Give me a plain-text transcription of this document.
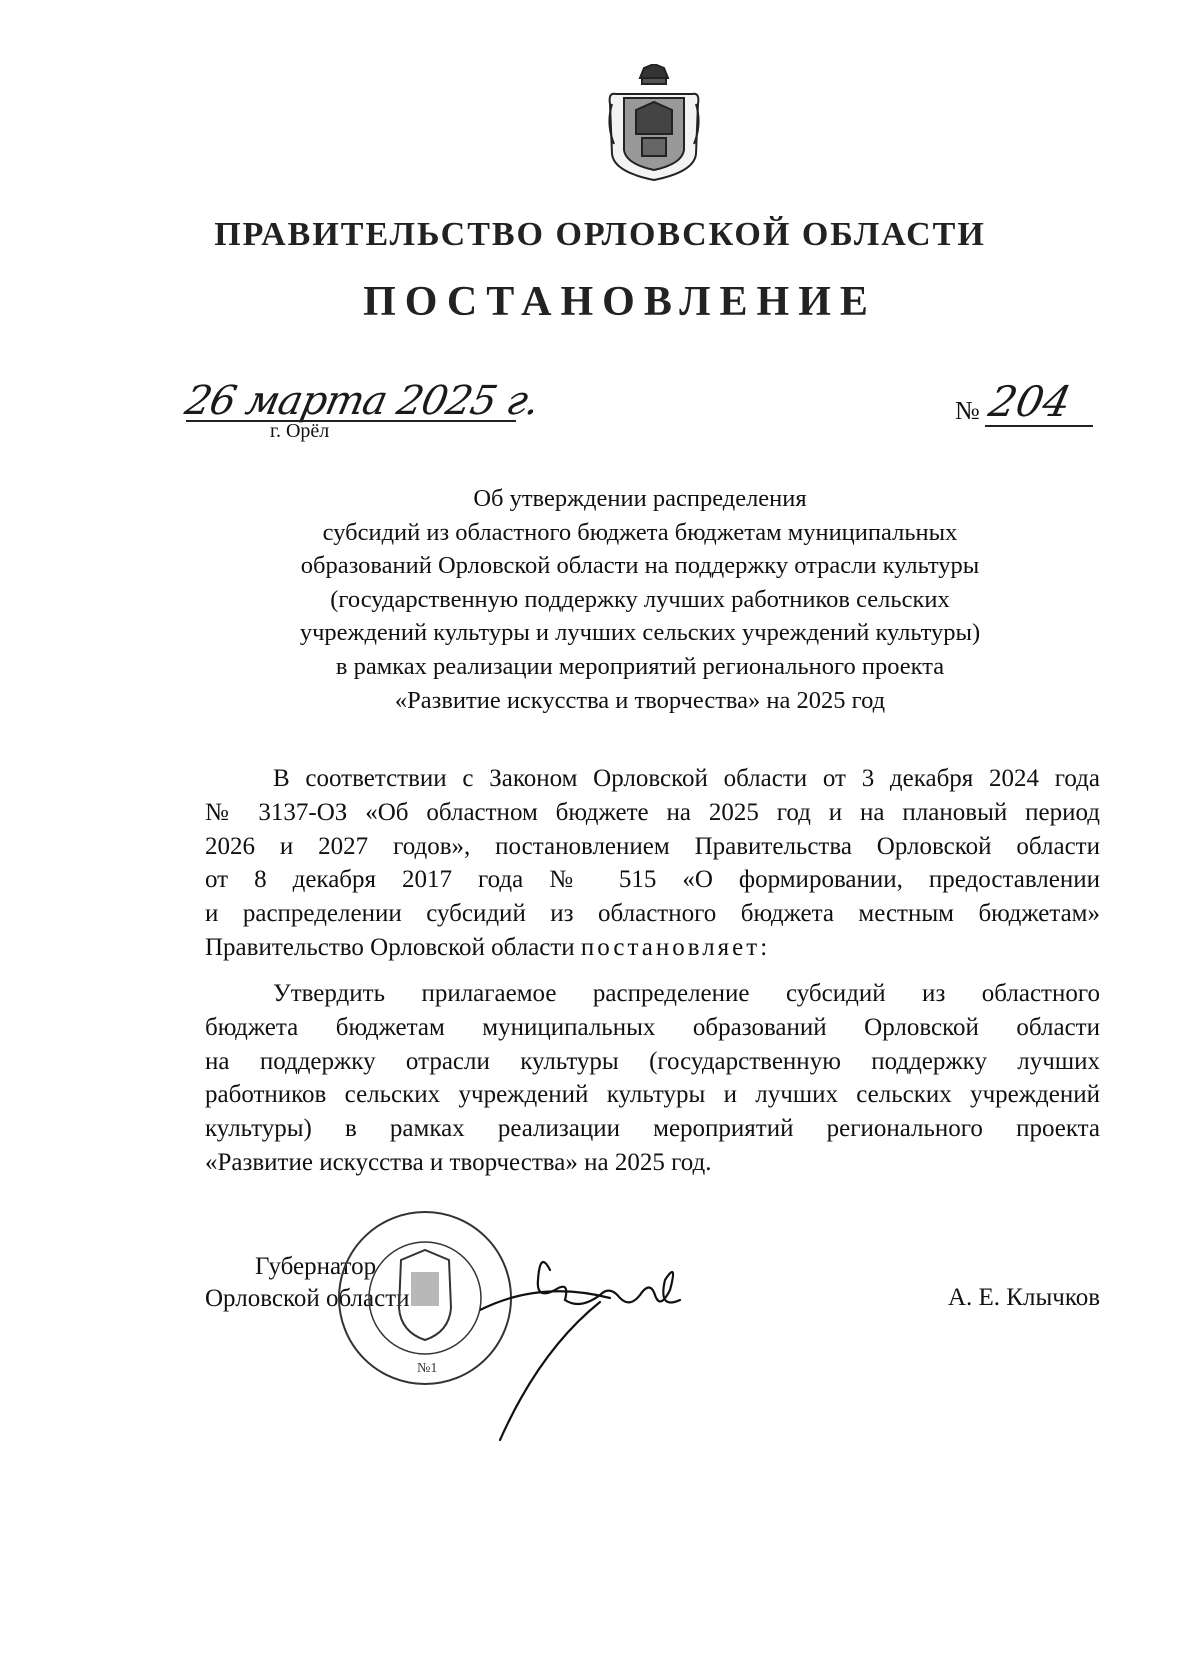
ПРАВИТЕЛЬСТВО ОРЛОВСКОЙ ОБЛАСТИ
ПОСТАНОВЛЕНИЕ
26 марта 2025 г.
г. Орёл
№ 204
Об утверждении распределения
субсидий из областного бюджета бюджетам муниципальных
образований Орловской области на поддержку отрасли культуры
(государственную поддержку лучших работников сельских
учреждений культуры и лучших сельских учреждений культуры)
в рамках реализации мероприятий регионального проекта
«Развитие искусства и творчества» на 2025 год
В соответствии с Законом Орловской области от 3 декабря 2024 года
№ 3137-ОЗ «Об областном бюджете на 2025 год и на плановый период
2026 и 2027 годов», постановлением Правительства Орловской области
от 8 декабря 2017 года № 515 «О формировании, предоставлении
и распределении субсидий из областного бюджета местным бюджетам»
Правительство Орловской области постановляет:
Утвердить прилагаемое распределение субсидий из областного
бюджета бюджетам муниципальных образований Орловской области
на поддержку отрасли культуры (государственную поддержку лучших
работников сельских учреждений культуры и лучших сельских учреждений
культуры) в рамках реализации мероприятий регионального проекта
«Развитие искусства и творчества» на 2025 год.
Губернатор
Орловской области
№1
А. Е. Клычков
